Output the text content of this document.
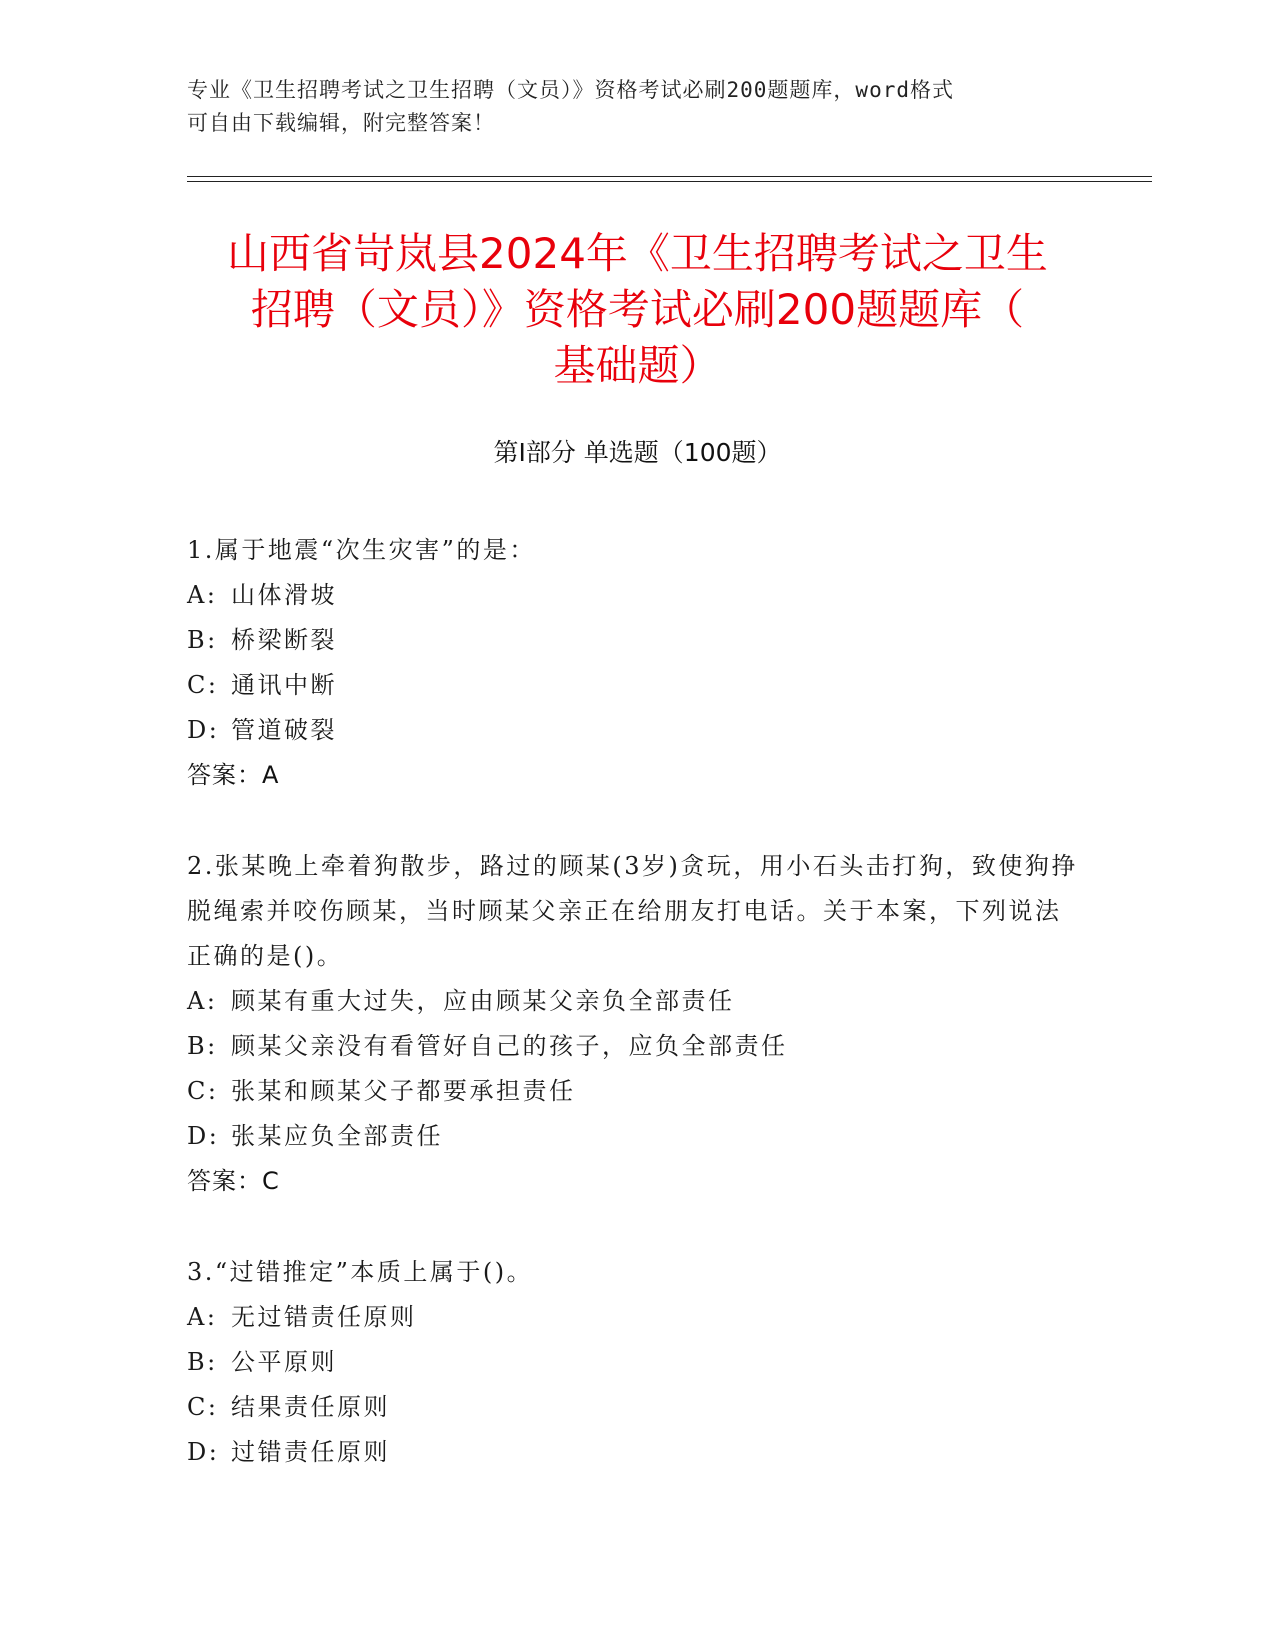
专业《卫生招聘考试之卫生招聘（文员）》资格考试必刷200题题库，word格式
可自由下载编辑，附完整答案！
山西省岢岚县2024年《卫生招聘考试之卫生
招聘（文员）》资格考试必刷200题题库（
基础题）
第Ⅰ部分 单选题（100题）

1.属于地震“次生灾害”的是：

A: 山体滑坡

B: 桥梁断裂

C: 通讯中断

D: 管道破裂

答案：A

2.张某晚上牵着狗散步，路过的顾某(3岁)贪玩，用小石头击打狗，致使狗挣脱绳索并咬伤顾某，当时顾某父亲正在给朋友打电话。关于本案，下列说法正确的是()。

A: 顾某有重大过失，应由顾某父亲负全部责任

B: 顾某父亲没有看管好自己的孩子，应负全部责任

C: 张某和顾某父子都要承担责任

D: 张某应负全部责任

答案：C

3.“过错推定”本质上属于()。

A: 无过错责任原则

B: 公平原则

C: 结果责任原则

D: 过错责任原则
